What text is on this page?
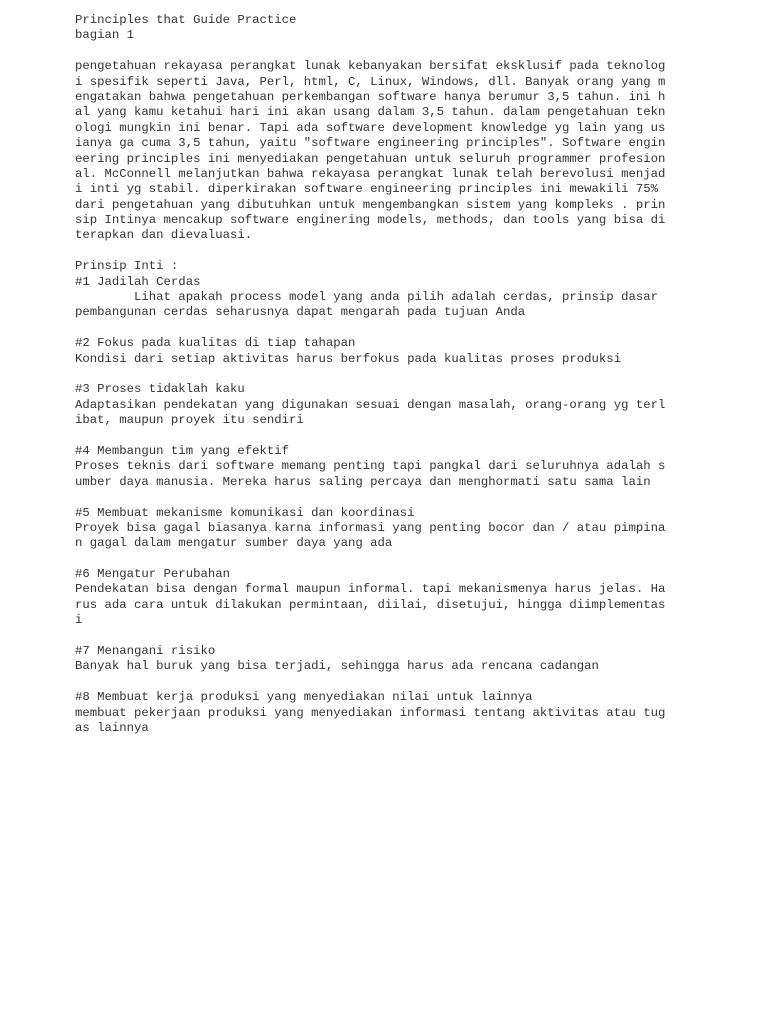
Principles that Guide Practice
bagian 1
pengetahuan rekayasa perangkat lunak kebanyakan bersifat eksklusif pada teknolog
i spesifik seperti Java, Perl, html, C, Linux, Windows, dll. Banyak orang yang m
engatakan bahwa pengetahuan perkembangan software hanya berumur 3,5 tahun. ini h
al yang kamu ketahui hari ini akan usang dalam 3,5 tahun. dalam pengetahuan tekn
ologi mungkin ini benar. Tapi ada software development knowledge yg lain yang us
ianya ga cuma 3,5 tahun, yaitu "software engineering principles". Software engin
eering principles ini menyediakan pengetahuan untuk seluruh programmer profesion
al. McConnell melanjutkan bahwa rekayasa perangkat lunak telah berevolusi menjad
i inti yg stabil. diperkirakan software engineering principles ini mewakili 75%
dari pengetahuan yang dibutuhkan untuk mengembangkan sistem yang kompleks . prin
sip Intinya mencakup software enginering models, methods, dan tools yang bisa di
terapkan dan dievaluasi.
Prinsip Inti :
#1 Jadilah Cerdas
Lihat apakah process model yang anda pilih adalah cerdas, prinsip dasar
pembangunan cerdas seharusnya dapat mengarah pada tujuan Anda
#2 Fokus pada kualitas di tiap tahapan
Kondisi dari setiap aktivitas harus berfokus pada kualitas proses produksi
#3 Proses tidaklah kaku
Adaptasikan pendekatan yang digunakan sesuai dengan masalah, orang-orang yg terl
ibat, maupun proyek itu sendiri
#4 Membangun tim yang efektif
Proses teknis dari software memang penting tapi pangkal dari seluruhnya adalah s
umber daya manusia. Mereka harus saling percaya dan menghormati satu sama lain
#5 Membuat mekanisme komunikasi dan koordinasi
Proyek bisa gagal biasanya karna informasi yang penting bocor dan / atau pimpina
n gagal dalam mengatur sumber daya yang ada
#6 Mengatur Perubahan
Pendekatan bisa dengan formal maupun informal. tapi mekanismenya harus jelas. Ha
rus ada cara untuk dilakukan permintaan, diilai, disetujui, hingga diimplementas
i
#7 Menangani risiko
Banyak hal buruk yang bisa terjadi, sehingga harus ada rencana cadangan
#8 Membuat kerja produksi yang menyediakan nilai untuk lainnya
membuat pekerjaan produksi yang menyediakan informasi tentang aktivitas atau tug
as lainnya
